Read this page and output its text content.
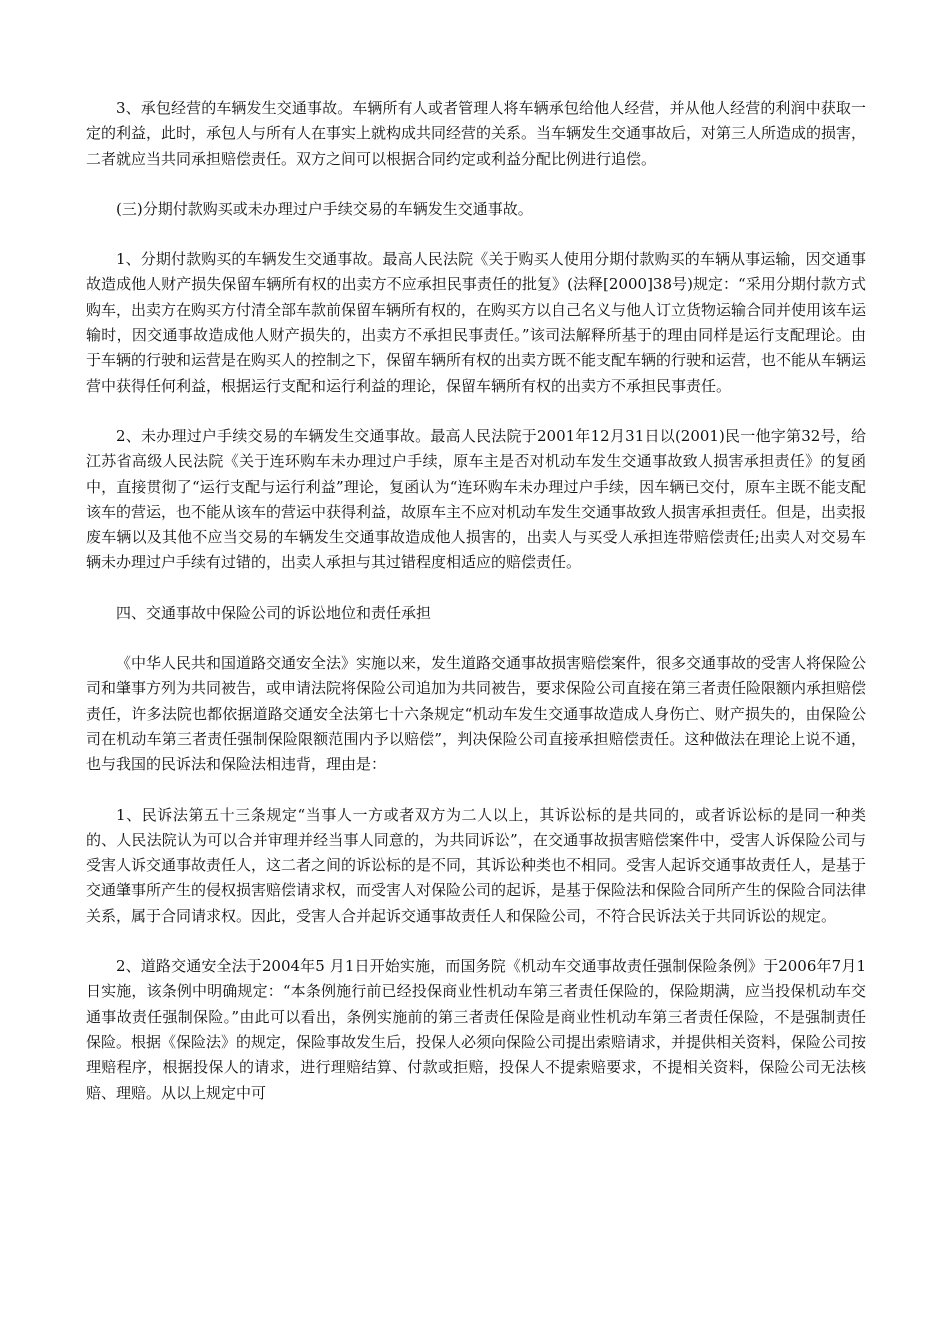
3、承包经营的车辆发生交通事故。车辆所有人或者管理人将车辆承包给他人经营，并从他人经营的利润中获取一定的利益，此时，承包人与所有人在事实上就构成共同经营的关系。当车辆发生交通事故后，对第三人所造成的损害，二者就应当共同承担赔偿责任。双方之间可以根据合同约定或利益分配比例进行追偿。

(三)分期付款购买或未办理过户手续交易的车辆发生交通事故。

1、分期付款购买的车辆发生交通事故。最高人民法院《关于购买人使用分期付款购买的车辆从事运输，因交通事故造成他人财产损失保留车辆所有权的出卖方不应承担民事责任的批复》(法释[2000]38号)规定：“采用分期付款方式购车，出卖方在购买方付清全部车款前保留车辆所有权的，在购买方以自己名义与他人订立货物运输合同并使用该车运输时，因交通事故造成他人财产损失的，出卖方不承担民事责任。”该司法解释所基于的理由同样是运行支配理论。由于车辆的行驶和运营是在购买人的控制之下，保留车辆所有权的出卖方既不能支配车辆的行驶和运营，也不能从车辆运营中获得任何利益，根据运行支配和运行利益的理论，保留车辆所有权的出卖方不承担民事责任。

2、未办理过户手续交易的车辆发生交通事故。最高人民法院于2001年12月31日以(2001)民一他字第32号，给江苏省高级人民法院《关于连环购车未办理过户手续，原车主是否对机动车发生交通事故致人损害承担责任》的复函中，直接贯彻了“运行支配与运行利益”理论，复函认为“连环购车未办理过户手续，因车辆已交付，原车主既不能支配该车的营运，也不能从该车的营运中获得利益，故原车主不应对机动车发生交通事故致人损害承担责任。但是，出卖报废车辆以及其他不应当交易的车辆发生交通事故造成他人损害的，出卖人与买受人承担连带赔偿责任;出卖人对交易车辆未办理过户手续有过错的，出卖人承担与其过错程度相适应的赔偿责任。

四、交通事故中保险公司的诉讼地位和责任承担

《中华人民共和国道路交通安全法》实施以来，发生道路交通事故损害赔偿案件，很多交通事故的受害人将保险公司和肇事方列为共同被告，或申请法院将保险公司追加为共同被告，要求保险公司直接在第三者责任险限额内承担赔偿责任，许多法院也都依据道路交通安全法第七十六条规定“机动车发生交通事故造成人身伤亡、财产损失的，由保险公司在机动车第三者责任强制保险限额范围内予以赔偿”，判决保险公司直接承担赔偿责任。这种做法在理论上说不通，也与我国的民诉法和保险法相违背，理由是：

1、民诉法第五十三条规定“当事人一方或者双方为二人以上，其诉讼标的是共同的，或者诉讼标的是同一种类的、人民法院认为可以合并审理并经当事人同意的，为共同诉讼”，在交通事故损害赔偿案件中，受害人诉保险公司与受害人诉交通事故责任人，这二者之间的诉讼标的是不同，其诉讼种类也不相同。受害人起诉交通事故责任人，是基于交通肇事所产生的侵权损害赔偿请求权，而受害人对保险公司的起诉，是基于保险法和保险合同所产生的保险合同法律关系，属于合同请求权。因此，受害人合并起诉交通事故责任人和保险公司，不符合民诉法关于共同诉讼的规定。

2、道路交通安全法于2004年5 月1日开始实施，而国务院《机动车交通事故责任强制保险条例》于2006年7月1日实施，该条例中明确规定：“本条例施行前已经投保商业性机动车第三者责任保险的，保险期满，应当投保机动车交通事故责任强制保险。”由此可以看出，条例实施前的第三者责任保险是商业性机动车第三者责任保险，不是强制责任保险。根据《保险法》的规定，保险事故发生后，投保人必须向保险公司提出索赔请求，并提供相关资料，保险公司按理赔程序，根据投保人的请求，进行理赔结算、付款或拒赔，投保人不提索赔要求，不提相关资料，保险公司无法核赔、理赔。从以上规定中可
